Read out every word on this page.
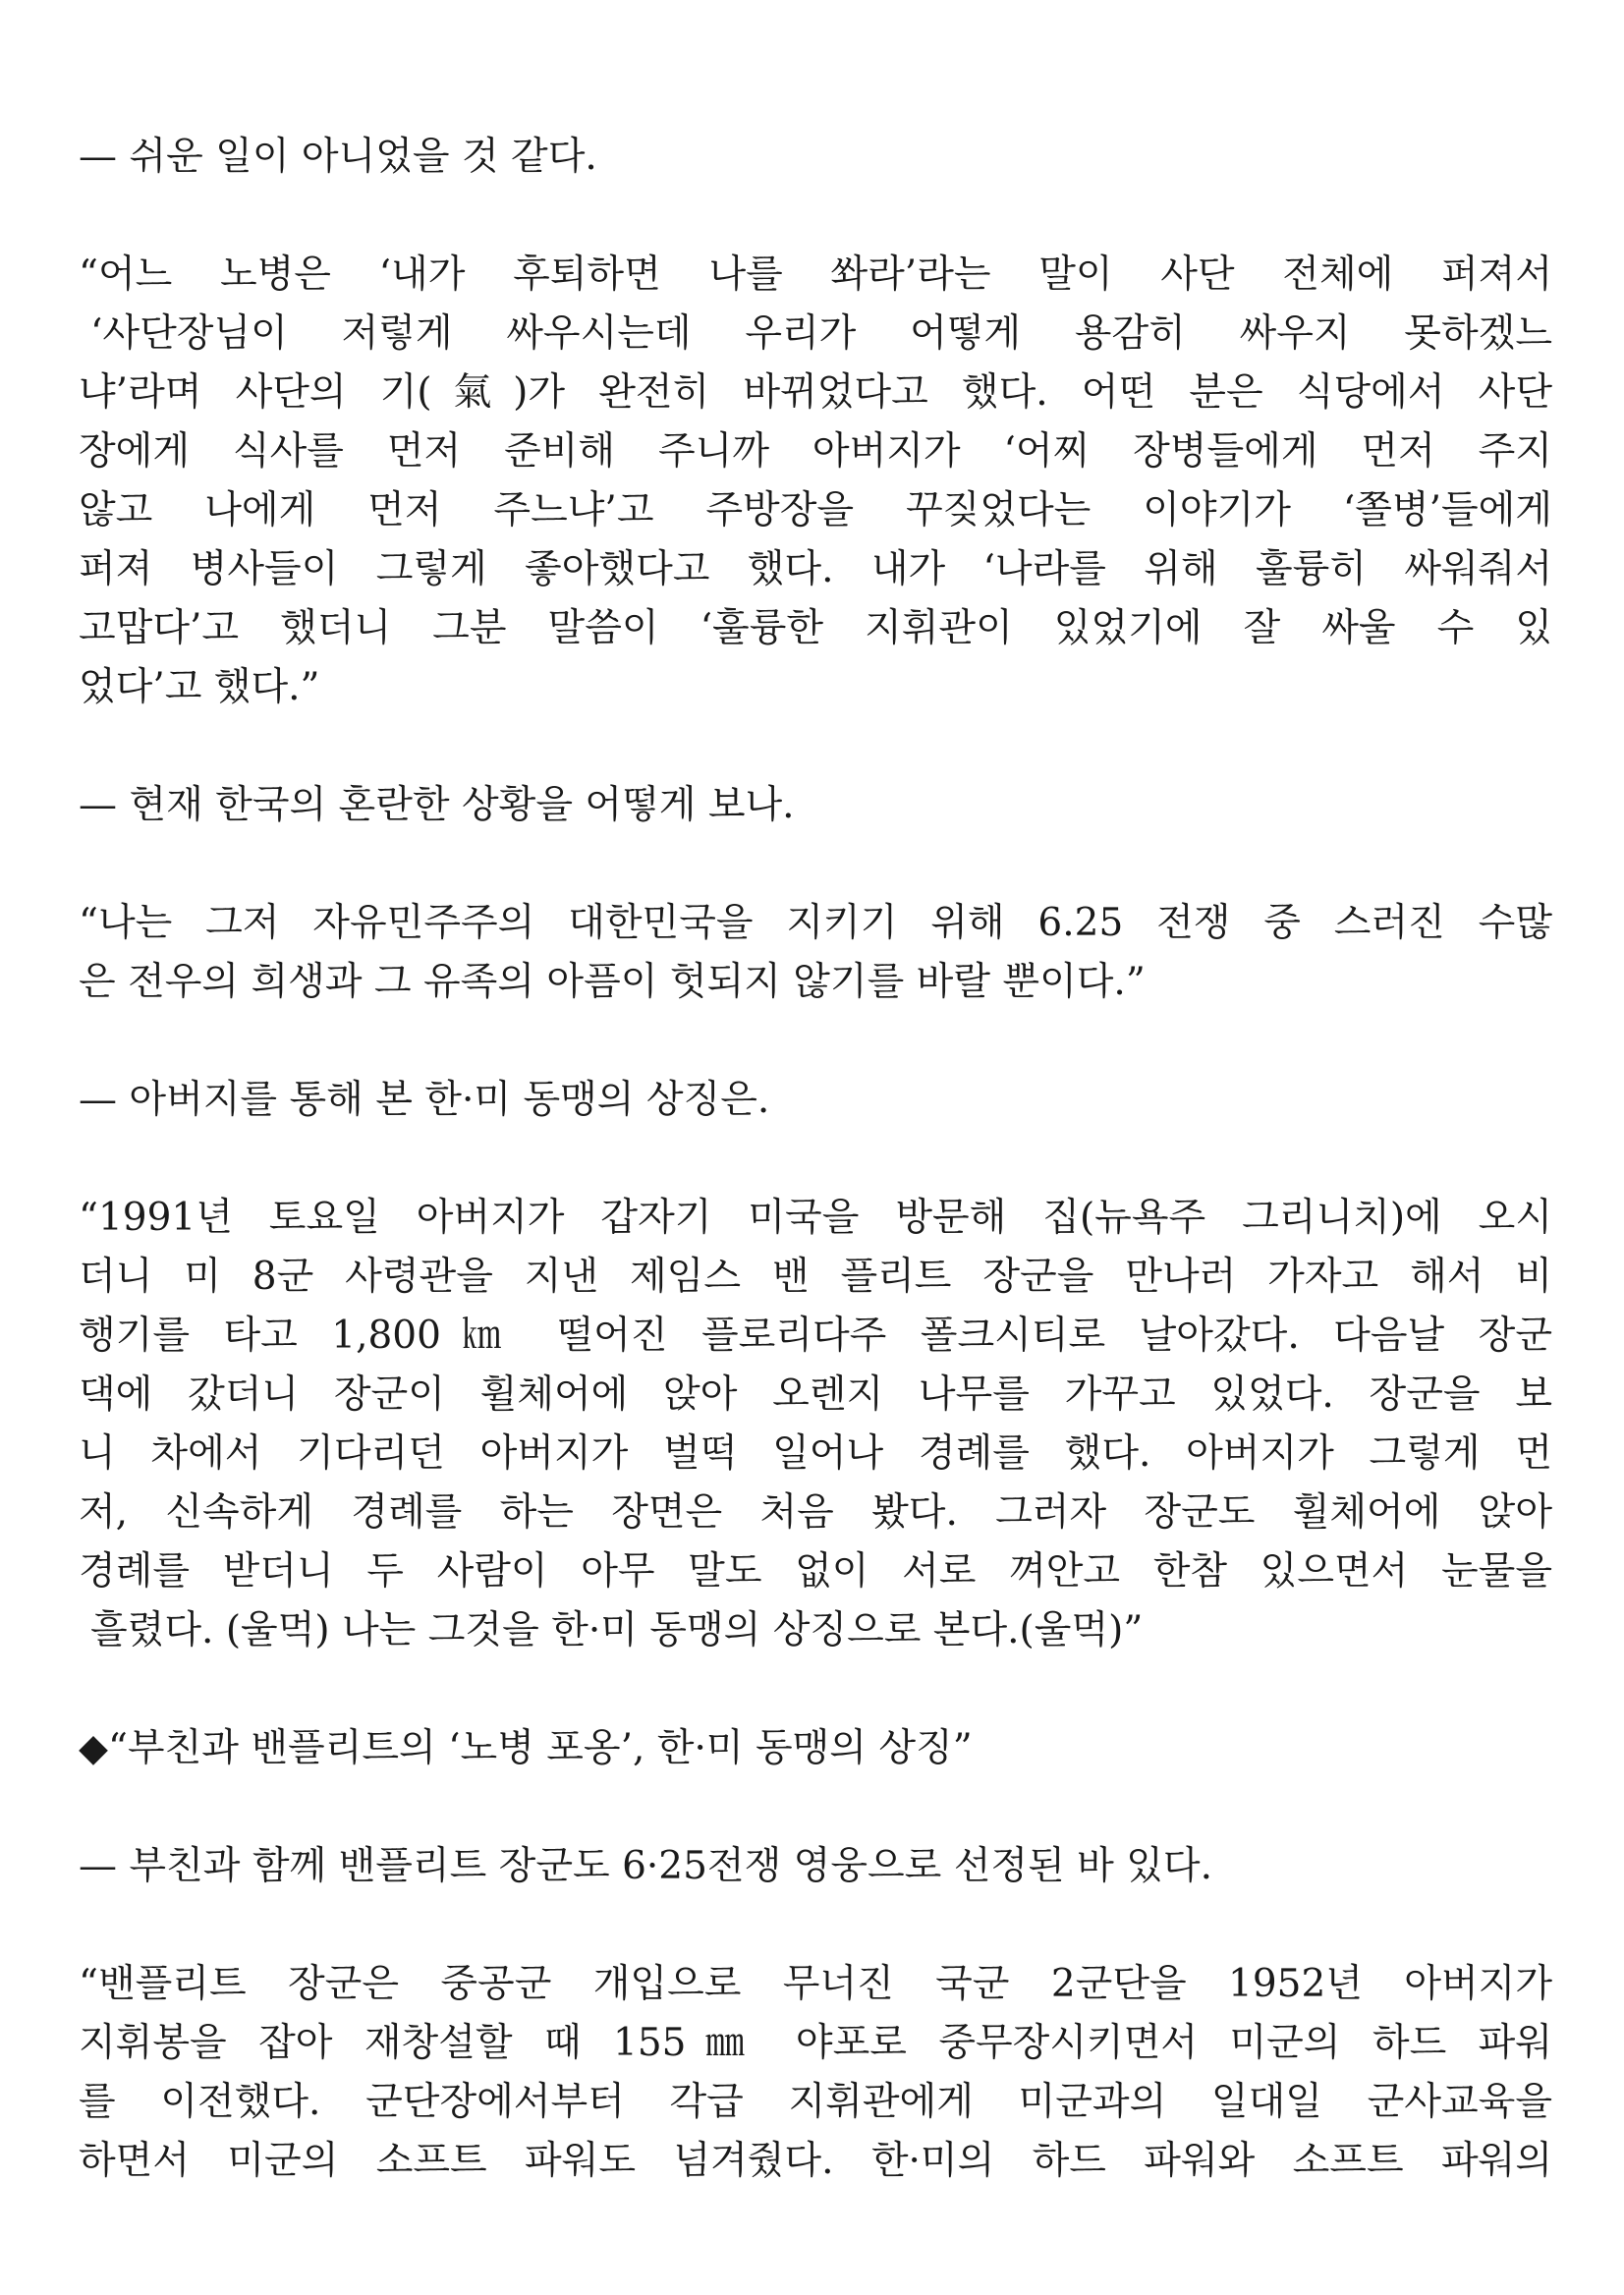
— 쉬운 일이 아니었을 것 같다.
“어느 노병은 ‘내가 후퇴하면 나를 쏴라’라는 말이 사단 전체에 퍼져서
‘사단장님이 저렇게 싸우시는데 우리가 어떻게 용감히 싸우지 못하겠느
냐’라며 사단의 기(氣)가 완전히 바뀌었다고 했다. 어떤 분은 식당에서 사단
장에게 식사를 먼저 준비해 주니까 아버지가 ‘어찌 장병들에게 먼저 주지
않고 나에게 먼저 주느냐’고 주방장을 꾸짖었다는 이야기가 ‘쫄병’들에게
퍼져 병사들이 그렇게 좋아했다고 했다. 내가 ‘나라를 위해 훌륭히 싸워줘서
고맙다’고 했더니 그분 말씀이 ‘훌륭한 지휘관이 있었기에 잘 싸울 수 있
었다’고 했다.”
— 현재 한국의 혼란한 상황을 어떻게 보나.
“나는 그저 자유민주주의 대한민국을 지키기 위해 6.25 전쟁 중 스러진 수많
은 전우의 희생과 그 유족의 아픔이 헛되지 않기를 바랄 뿐이다.”
— 아버지를 통해 본 한·미 동맹의 상징은.
“1991년 토요일 아버지가 갑자기 미국을 방문해 집(뉴욕주 그리니치)에 오시
더니 미 8군 사령관을 지낸 제임스 밴 플리트 장군을 만나러 가자고 해서 비
행기를 타고 1,800㎞ 떨어진 플로리다주 폴크시티로 날아갔다. 다음날 장군
댁에 갔더니 장군이 휠체어에 앉아 오렌지 나무를 가꾸고 있었다. 장군을 보
니 차에서 기다리던 아버지가 벌떡 일어나 경례를 했다. 아버지가 그렇게 먼
저, 신속하게 경례를 하는 장면은 처음 봤다. 그러자 장군도 휠체어에 앉아
경례를 받더니 두 사람이 아무 말도 없이 서로 껴안고 한참 있으면서 눈물을
흘렸다. (울먹) 나는 그것을 한·미 동맹의 상징으로 본다.(울먹)”
◆“부친과 밴플리트의 ‘노병 포옹’, 한·미 동맹의 상징”
— 부친과 함께 밴플리트 장군도 6·25전쟁 영웅으로 선정된 바 있다.
“밴플리트 장군은 중공군 개입으로 무너진 국군 2군단을 1952년 아버지가
지휘봉을 잡아 재창설할 때 155㎜ 야포로 중무장시키면서 미군의 하드 파워
를 이전했다. 군단장에서부터 각급 지휘관에게 미군과의 일대일 군사교육을
하면서 미군의 소프트 파워도 넘겨줬다. 한·미의 하드 파워와 소프트 파워의
